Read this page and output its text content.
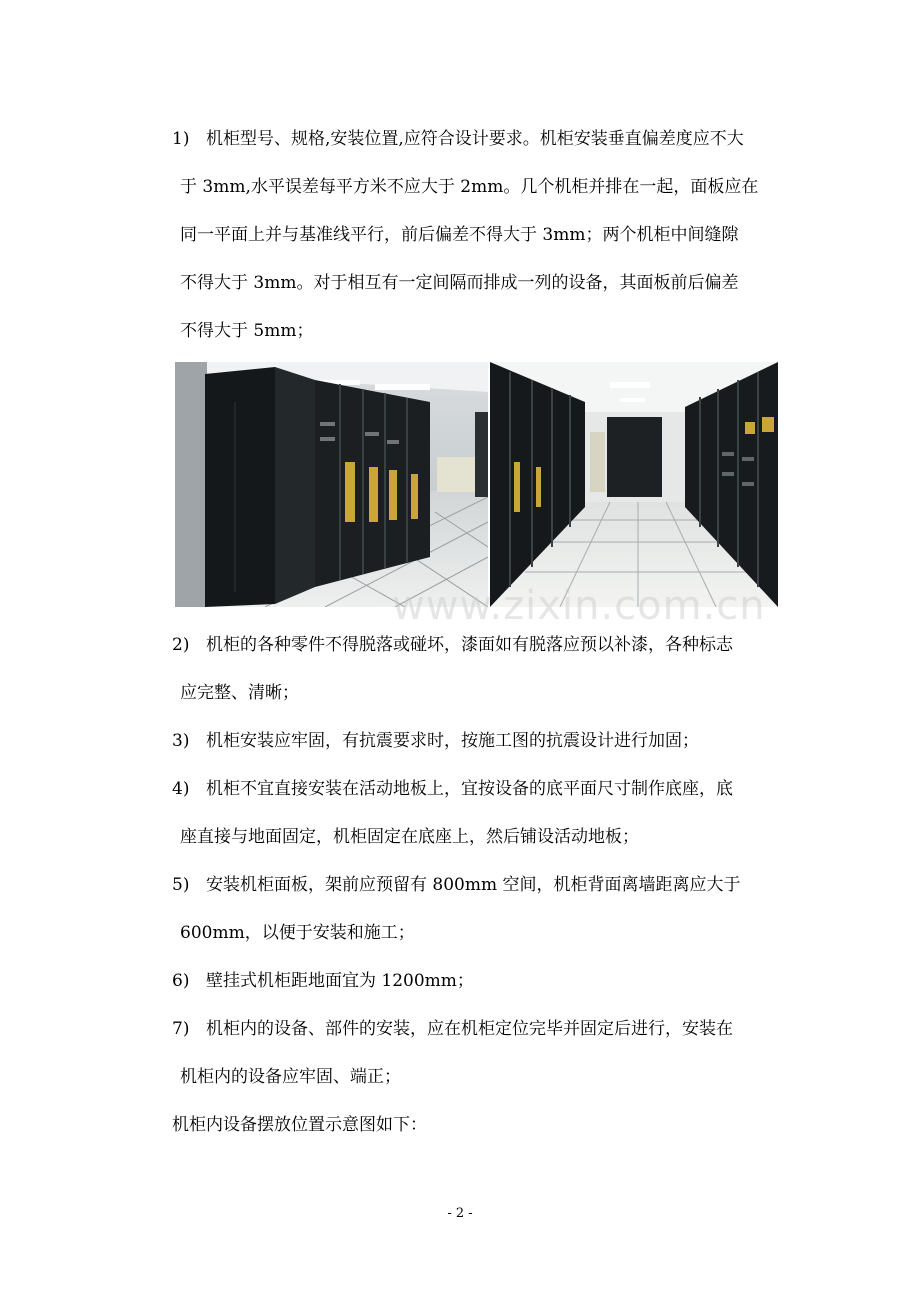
1) 机柜型号、规格,安装位置,应符合设计要求。机柜安装垂直偏差度应不大
于 3mm,水平误差每平方米不应大于 2mm。几个机柜并排在一起，面板应在
同一平面上并与基准线平行，前后偏差不得大于 3mm；两个机柜中间缝隙
不得大于 3mm。对于相互有一定间隔而排成一列的设备，其面板前后偏差
不得大于 5mm；
www.zixin.com.cn
2) 机柜的各种零件不得脱落或碰坏，漆面如有脱落应预以补漆，各种标志
应完整、清晰；
3) 机柜安装应牢固，有抗震要求时，按施工图的抗震设计进行加固；
4) 机柜不宜直接安装在活动地板上，宜按设备的底平面尺寸制作底座，底
座直接与地面固定，机柜固定在底座上，然后铺设活动地板；
5) 安装机柜面板，架前应预留有 800mm 空间，机柜背面离墙距离应大于
600mm，以便于安装和施工；
6) 壁挂式机柜距地面宜为 1200mm；
7) 机柜内的设备、部件的安装，应在机柜定位完毕并固定后进行，安装在
机柜内的设备应牢固、端正；
机柜内设备摆放位置示意图如下：
- 2 -
